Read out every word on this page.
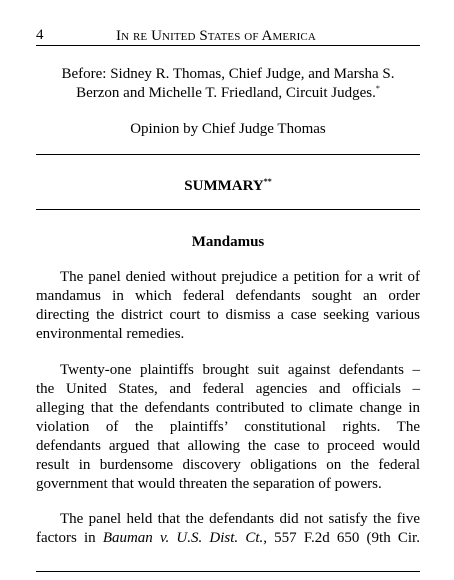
4	In re United States of America
Before: Sidney R. Thomas, Chief Judge, and Marsha S.
Berzon and Michelle T. Friedland, Circuit Judges.*
Opinion by Chief Judge Thomas
SUMMARY**
Mandamus
The panel denied without prejudice a petition for a writ of
mandamus in which federal defendants sought an order
directing the district court to dismiss a case seeking various
environmental remedies.
Twenty-one plaintiffs brought suit against defendants –
the United States, and federal agencies and officials –
alleging that the defendants contributed to climate change in
violation of the plaintiffs’ constitutional rights. The
defendants argued that allowing the case to proceed would
result in burdensome discovery obligations on the federal
government that would threaten the separation of powers.
The panel held that the defendants did not satisfy the five
factors in Bauman v. U.S. Dist. Ct., 557 F.2d 650 (9th Cir.
